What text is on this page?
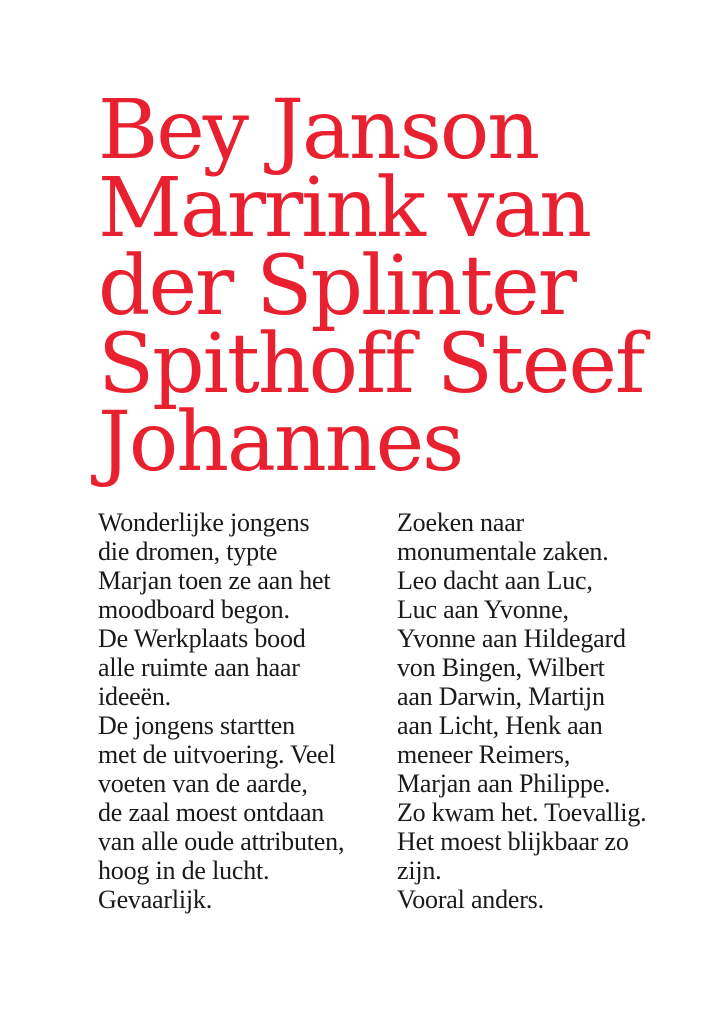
Bey Janson
Marrink van
der Splinter
Spithoff Steef
Johannes
Wonderlijke jongens
die dromen, typte
Marjan toen ze aan het
moodboard begon.
De Werkplaats bood
alle ruimte aan haar
ideeën.
De jongens startten
met de uitvoering. Veel
voeten van de aarde,
de zaal moest ontdaan
van alle oude attributen,
hoog in de lucht.
Gevaarlijk.
Zoeken naar
monumentale zaken.
Leo dacht aan Luc,
Luc aan Yvonne,
Yvonne aan Hildegard
von Bingen, Wilbert
aan Darwin, Martijn
aan Licht, Henk aan
meneer Reimers,
Marjan aan Philippe.
Zo kwam het. Toevallig.
Het moest blijkbaar zo
zijn.
Vooral anders.
